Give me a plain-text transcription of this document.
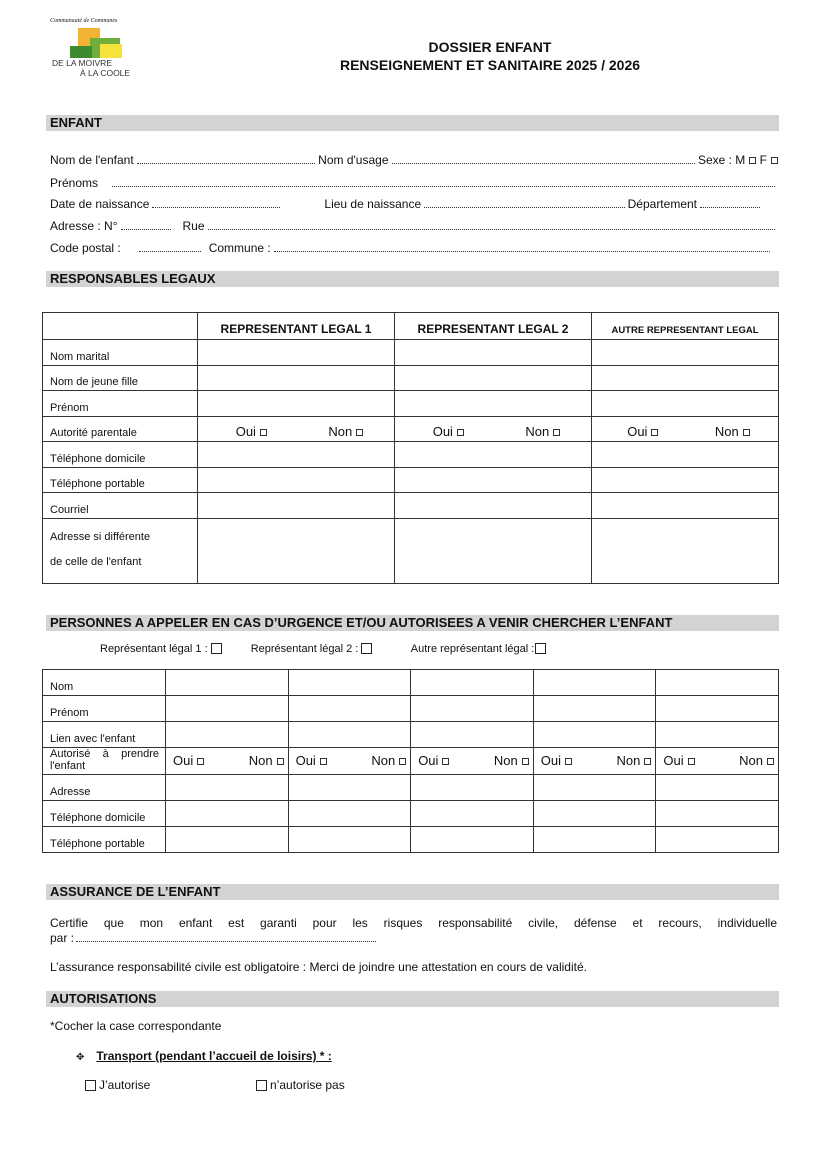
Communauté de Communes
DE LA MOIVRE
À LA COOLE
DOSSIER ENFANT
RENSEIGNEMENT ET SANITAIRE 2025 / 2026
ENFANT
Nom de l'enfant	Nom d'usage	Sexe : M
F
Prénoms
Date de naissance	Lieu de naissance	Département
Adresse : N°	Rue
Code postal :	Commune :
RESPONSABLES LEGAUX
	REPRESENTANT LEGAL 1	REPRESENTANT LEGAL 2	AUTRE REPRESENTANT LEGAL
Nom marital			
Nom de jeune fille			
Prénom			
Autorité parentale	Oui Non	Oui Non	Oui Non

Téléphone domicile			
Téléphone portable			
Courriel			

Adresse si différente
de celle de l'enfant			

PERSONNES A APPELER EN CAS D’URGENCE ET/OU AUTORISEES A VENIR CHERCHER L’ENFANT
Représentant légal 1 :	Représentant légal 2 :	Autre représentant légal :
Nom					
Prénom					
Lien avec l'enfant					
Autorisé à prendre l'enfant	Oui Non	Oui Non	Oui Non	Oui Non	Oui Non

Adresse					
Téléphone domicile					
Téléphone portable					
ASSURANCE DE L’ENFANT
Certifie que mon enfant est garanti pour les risques responsabilité civile, défense et recours, individuelle
par :
L’assurance responsabilité civile est obligatoire : Merci de joindre une attestation en cours de validité.
AUTORISATIONS
*Cocher la case correspondante
✥ Transport (pendant l’accueil de loisirs) * :
J’autorise	n’autorise pas
